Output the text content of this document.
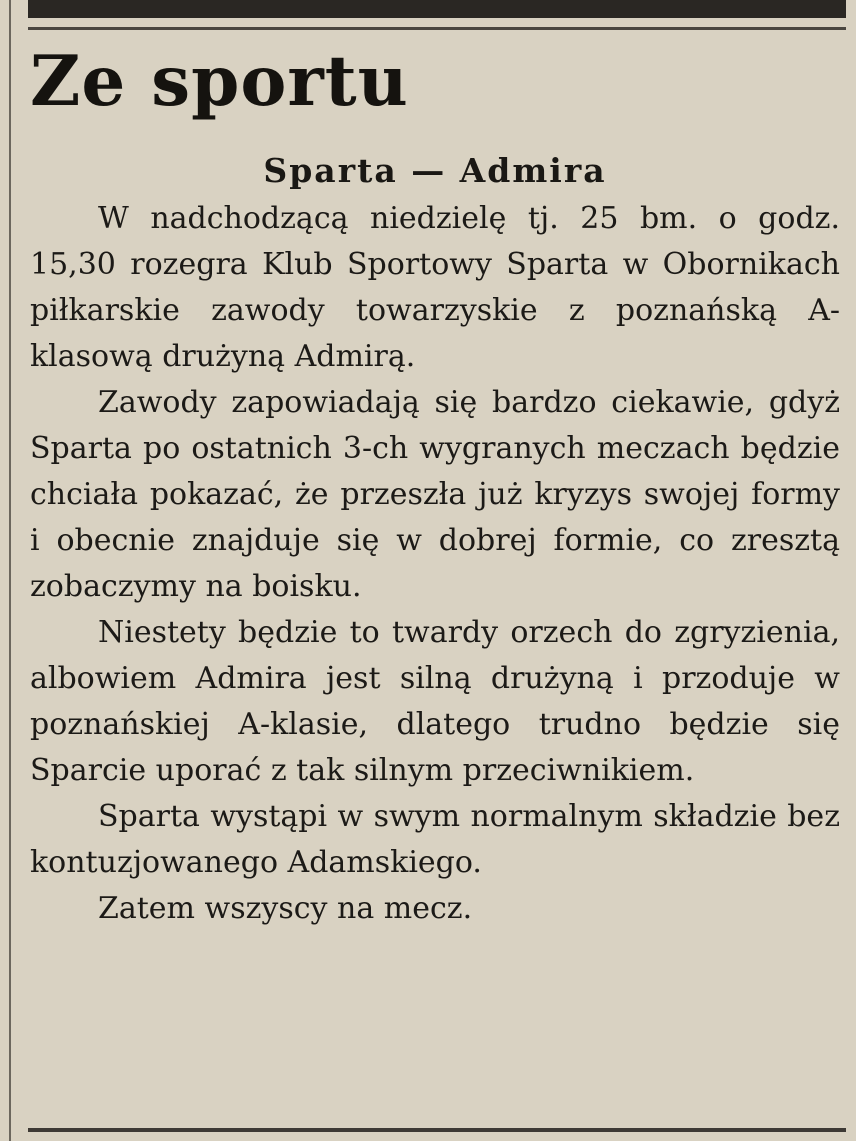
Ze sportu
Sparta — Admira

W nadchodzącą niedzielę tj. 25 bm. o godz. 15,30 rozegra Klub Sportowy Sparta w Obornikach piłkarskie zawody towarzyskie z poznańską A-klasową drużyną Admirą.

Zawody zapowiadają się bardzo ciekawie, gdyż Sparta po ostatnich 3-ch wygranych meczach będzie chciała pokazać, że przeszła już kryzys swojej formy i obecnie znajduje się w dobrej formie, co zresztą zobaczymy na boisku.

Niestety będzie to twardy orzech do zgryzienia, albowiem Admira jest silną drużyną i przoduje w poznańskiej A-klasie, dlatego trudno będzie się Sparcie uporać z tak silnym przeciwnikiem.

Sparta wystąpi w swym normalnym składzie bez kontuzjowanego Adamskiego.

Zatem wszyscy na mecz.
